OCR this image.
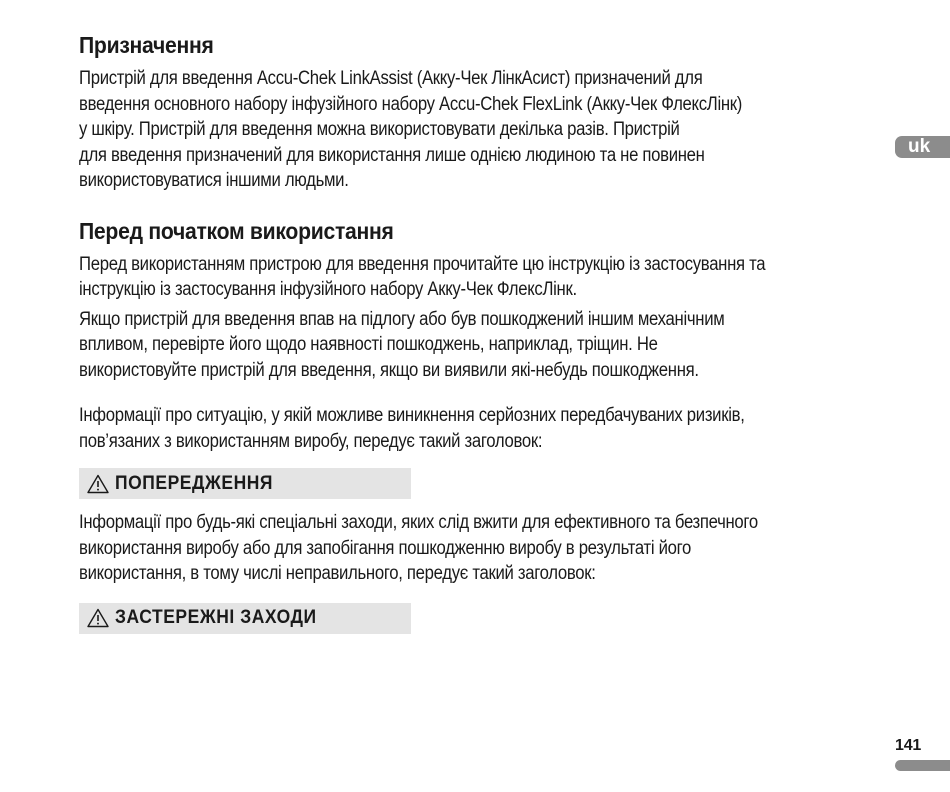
Призначення

Пристрій для введення Accu-Chek LinkAssist (Акку-Чек ЛінкАсист) призначений для
введення основного набору інфузійного набору Accu-Chek FlexLink (Акку-Чек ФлексЛінк)
у шкіру. Пристрій для введення можна використовувати декілька разів. Пристрій
для введення призначений для використання лише однією людиною та не повинен
використовуватися іншими людьми.

Перед початком використання

Перед використанням пристрою для введення прочитайте цю інструкцію із застосування та
інструкцію із застосування інфузійного набору Акку-Чек ФлексЛінк.

Якщо пристрій для введення впав на підлогу або був пошкоджений іншим механічним
впливом, перевірте його щодо наявності пошкоджень, наприклад, тріщин. Не
використовуйте пристрій для введення, якщо ви виявили які-небудь пошкодження.

Інформації про ситуацію, у якій можливе виникнення серйозних передбачуваних ризиків,
пов’язаних з використанням виробу, передує такий заголовок:

ПОПЕРЕДЖЕННЯ

Інформації про будь-які спеціальні заходи, яких слід вжити для ефективного та безпечного
використання виробу або для запобігання пошкодженню виробу в результаті його
використання, в тому числі неправильного, передує такий заголовок:

ЗАСТЕРЕЖНІ ЗАХОДИ
uk
141
